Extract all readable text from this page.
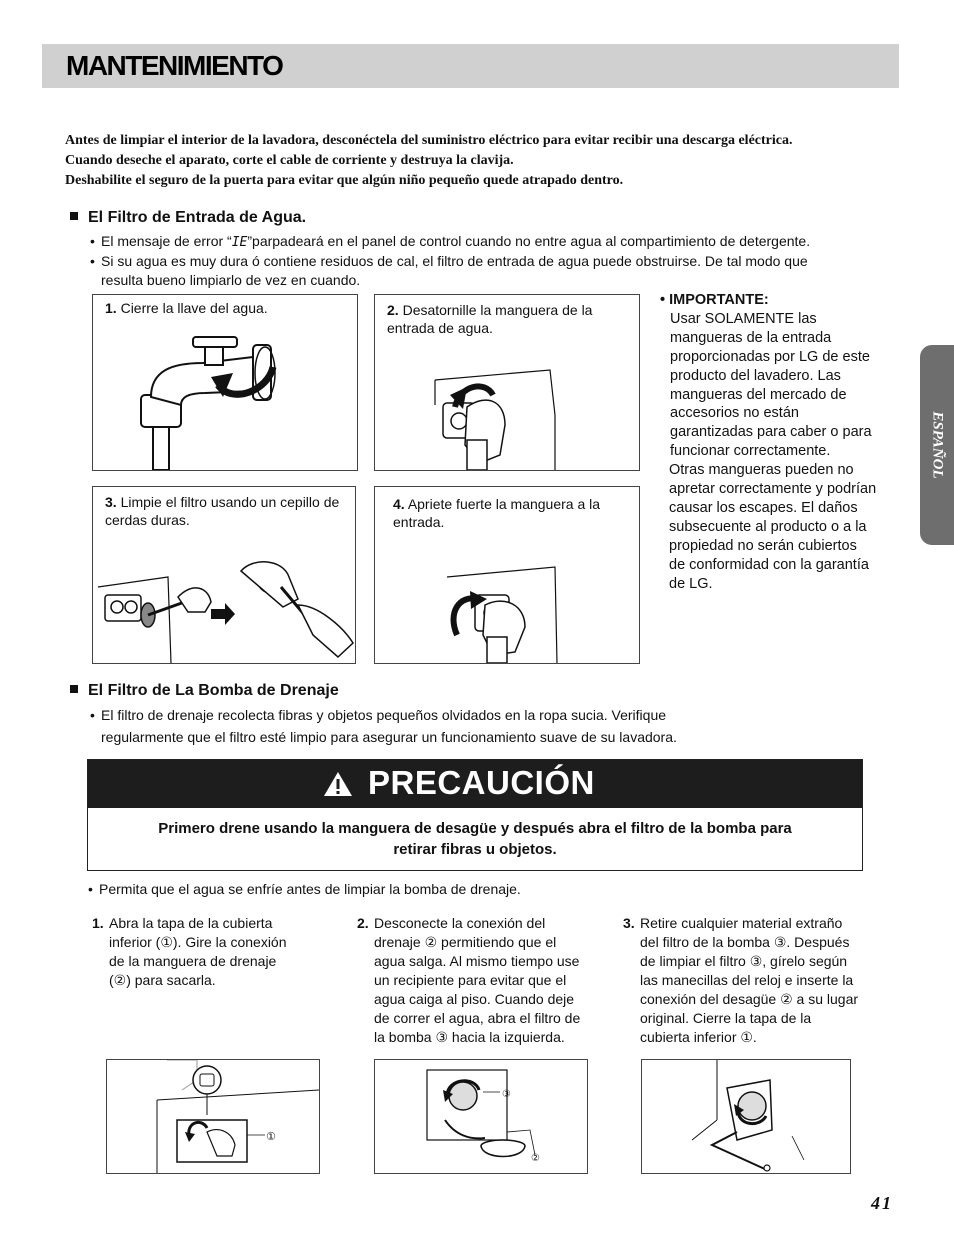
MANTENIMIENTO
ESPAÑOL
Antes de limpiar el interior de la lavadora, desconéctela del suministro eléctrico para evitar recibir una descarga eléctrica.
Cuando deseche el aparato, corte el cable de corriente y destruya la clavija.
Deshabilite el seguro de la puerta para evitar que algún niño pequeño quede atrapado dentro.
El Filtro de Entrada de Agua.

• El mensaje de error “IE”parpadeará en el panel de control cuando no entre agua al compartimiento de detergente.

• Si su agua es muy dura ó contiene residuos de cal, el filtro de entrada de agua puede obstruirse. De tal modo que
resulta bueno limpiarlo de vez en cuando.

1. Cierre la llave del agua.	2. Desatornille la manguera de la entrada de agua.
3. Limpie el filtro usando un cepillo de cerdas duras.
4. Apriete fuerte la manguera a la entrada.
• IMPORTANTE:
Usar SOLAMENTE las
mangueras de la entrada
proporcionadas por LG de este
producto del lavadero. Las
mangueras del mercado de
accesorios no están
garantizadas para caber o para
funcionar correctamente.
Otras mangueras pueden no
apretar correctamente y podrían
causar los escapes. El daños
subsecuente al producto o a la
propiedad no serán cubiertos
de conformidad con la garantía
de LG.
El Filtro de La Bomba de Drenaje

• El filtro de drenaje recolecta fibras y objetos pequeños olvidados en la ropa sucia. Verifique
regularmente que el filtro esté limpio para asegurar un funcionamiento suave de su lavadora.

PRECAUCIÓN
Primero drene usando la manguera de desagüe y después abra el filtro de la bomba para
retirar fibras u objetos.

• Permita que el agua se enfríe antes de limpiar la bomba de drenaje.

1. Abra la tapa de la cubierta
inferior (①). Gire la conexión
de la manguera de drenaje
(②) para sacarla.
2. Desconecte la conexión del
drenaje ② permitiendo que el
agua salga. Al mismo tiempo use
un recipiente para evitar que el
agua caiga al piso. Cuando deje
de correr el agua, abra el filtro de
la bomba ③ hacia la izquierda.
3. Retire cualquier material extraño
del filtro de la bomba ③. Después
de limpiar el filtro ③, gírelo según
las manecillas del reloj e inserte la
conexión del desagüe ② a su lugar
original. Cierre la tapa de la
cubierta inferior ①.
①
③
②
41
